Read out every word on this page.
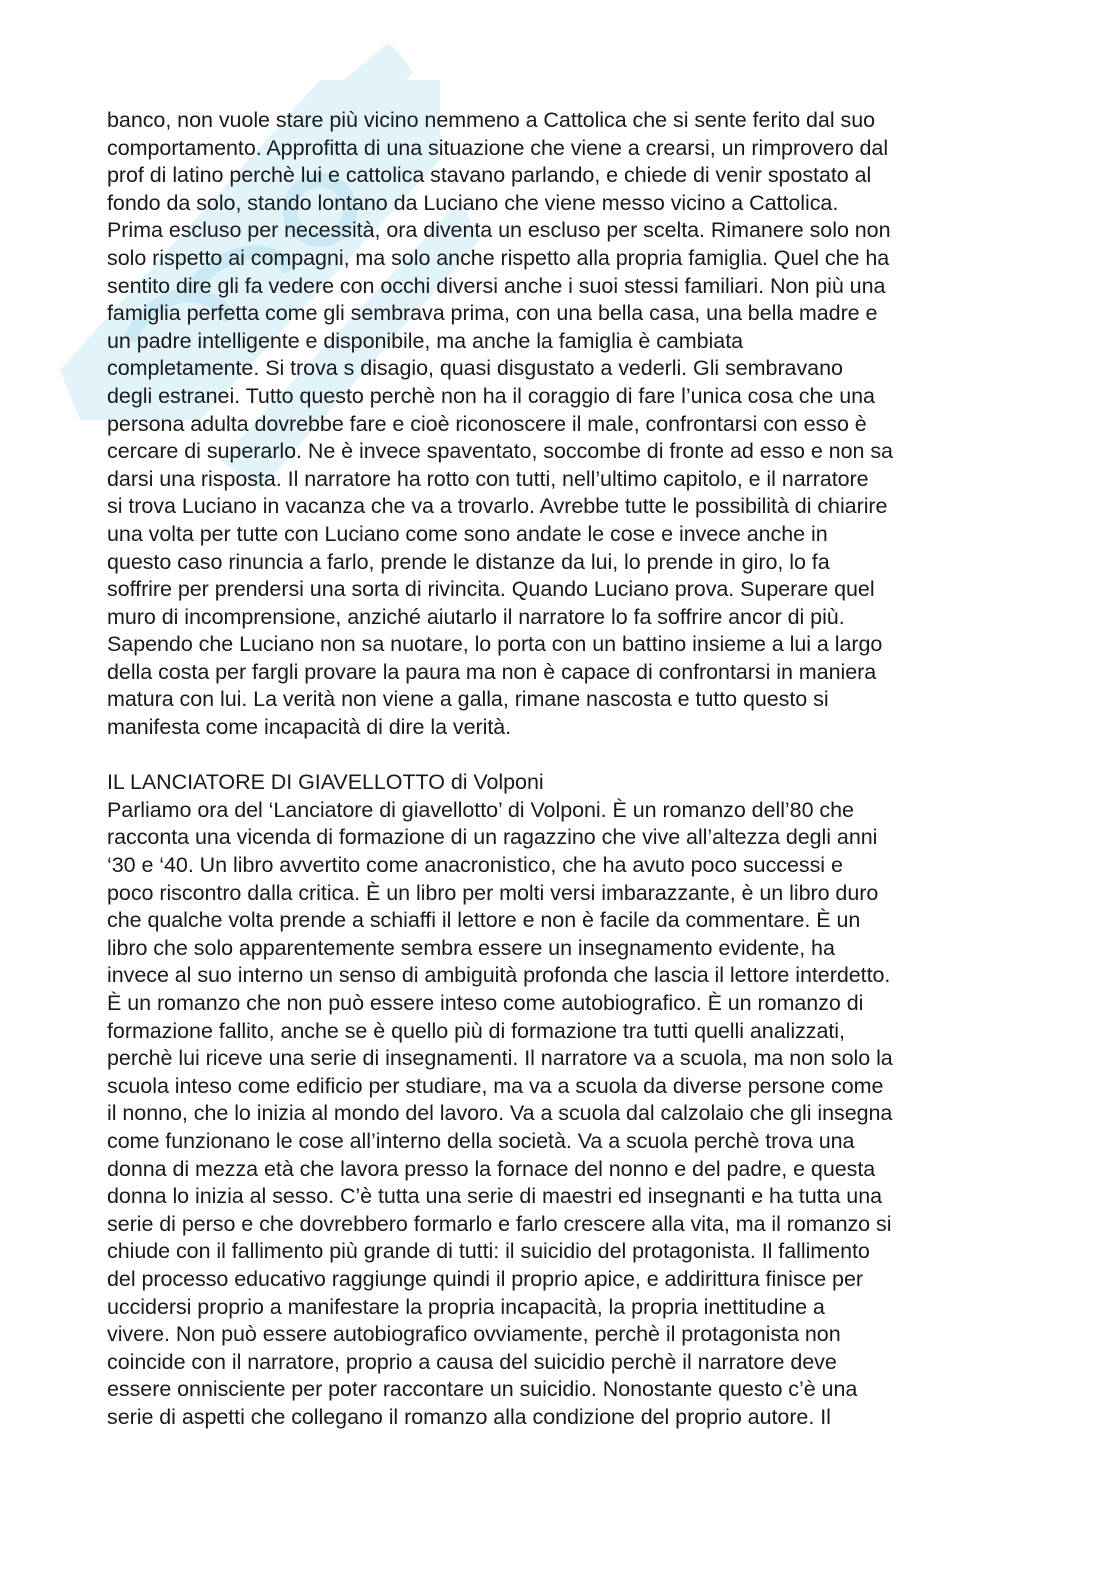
banco, non vuole stare più vicino nemmeno a Cattolica che si sente ferito dal suo
comportamento. Approfitta di una situazione che viene a crearsi, un rimprovero dal
prof di latino perchè lui e cattolica stavano parlando, e chiede di venir spostato al
fondo da solo, stando lontano da Luciano che viene messo vicino a Cattolica.
Prima escluso per necessità, ora diventa un escluso per scelta. Rimanere solo non
solo rispetto ai compagni, ma solo anche rispetto alla propria famiglia. Quel che ha
sentito dire gli fa vedere con occhi diversi anche i suoi stessi familiari. Non più una
famiglia perfetta come gli sembrava prima, con una bella casa, una bella madre e
un padre intelligente e disponibile, ma anche la famiglia è cambiata
completamente. Si trova s disagio, quasi disgustato a vederli. Gli sembravano
degli estranei. Tutto questo perchè non ha il coraggio di fare l’unica cosa che una
persona adulta dovrebbe fare e cioè riconoscere il male, confrontarsi con esso è
cercare di superarlo. Ne è invece spaventato, soccombe di fronte ad esso e non sa
darsi una risposta. Il narratore ha rotto con tutti, nell’ultimo capitolo, e il narratore
si trova Luciano in vacanza che va a trovarlo. Avrebbe tutte le possibilità di chiarire
una volta per tutte con Luciano come sono andate le cose e invece anche in
questo caso rinuncia a farlo, prende le distanze da lui, lo prende in giro, lo fa
soffrire per prendersi una sorta di rivincita. Quando Luciano prova. Superare quel
muro di incomprensione, anziché aiutarlo il narratore lo fa soffrire ancor di più.
Sapendo che Luciano non sa nuotare, lo porta con un battino insieme a lui a largo
della costa per fargli provare la paura ma non è capace di confrontarsi in maniera
matura con lui. La verità non viene a galla, rimane nascosta e tutto questo si
manifesta come incapacità di dire la verità.
IL LANCIATORE DI GIAVELLOTTO di Volponi
Parliamo ora del ‘Lanciatore di giavellotto’ di Volponi. È un romanzo dell’80 che
racconta una vicenda di formazione di un ragazzino che vive all’altezza degli anni
‘30 e ‘40. Un libro avvertito come anacronistico, che ha avuto poco successi e
poco riscontro dalla critica. È un libro per molti versi imbarazzante, è un libro duro
che qualche volta prende a schiaffi il lettore e non è facile da commentare. È un
libro che solo apparentemente sembra essere un insegnamento evidente, ha
invece al suo interno un senso di ambiguità profonda che lascia il lettore interdetto.
È un romanzo che non può essere inteso come autobiografico. È un romanzo di
formazione fallito, anche se è quello più di formazione tra tutti quelli analizzati,
perchè lui riceve una serie di insegnamenti. Il narratore va a scuola, ma non solo la
scuola inteso come edificio per studiare, ma va a scuola da diverse persone come
il nonno, che lo inizia al mondo del lavoro. Va a scuola dal calzolaio che gli insegna
come funzionano le cose all’interno della società. Va a scuola perchè trova una
donna di mezza età che lavora presso la fornace del nonno e del padre, e questa
donna lo inizia al sesso. C’è tutta una serie di maestri ed insegnanti e ha tutta una
serie di perso e che dovrebbero formarlo e farlo crescere alla vita, ma il romanzo si
chiude con il fallimento più grande di tutti: il suicidio del protagonista. Il fallimento
del processo educativo raggiunge quindi il proprio apice, e addirittura finisce per
uccidersi proprio a manifestare la propria incapacità, la propria inettitudine a
vivere. Non può essere autobiografico ovviamente, perchè il protagonista non
coincide con il narratore, proprio a causa del suicidio perchè il narratore deve
essere onnisciente per poter raccontare un suicidio. Nonostante questo c’è una
serie di aspetti che collegano il romanzo alla condizione del proprio autore. Il
